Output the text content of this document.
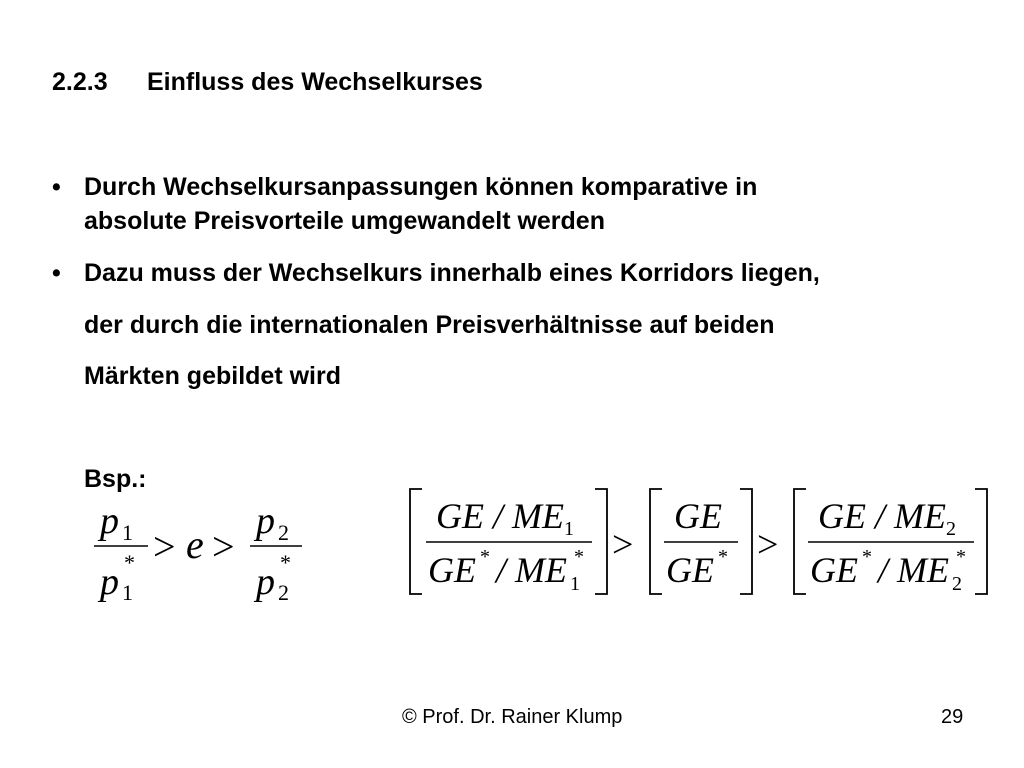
2.2.3 Einfluss des Wechselkurses
• Durch Wechselkursanpassungen können komparative in
absolute Preisvorteile umgewandelt werden
• Dazu muss der Wechselkurs innerhalb eines Korridors liegen,
der durch die internationalen Preisverhältnisse auf beiden
Märkten gebildet wird
Bsp.:
p 1
p 1
* > e >
p 2
p 2
*
GE / ME 1
GE * / ME *
1
>
GE
GE * >
GE / ME 2
GE * / ME *
2
© Prof. Dr. Rainer Klump	29
